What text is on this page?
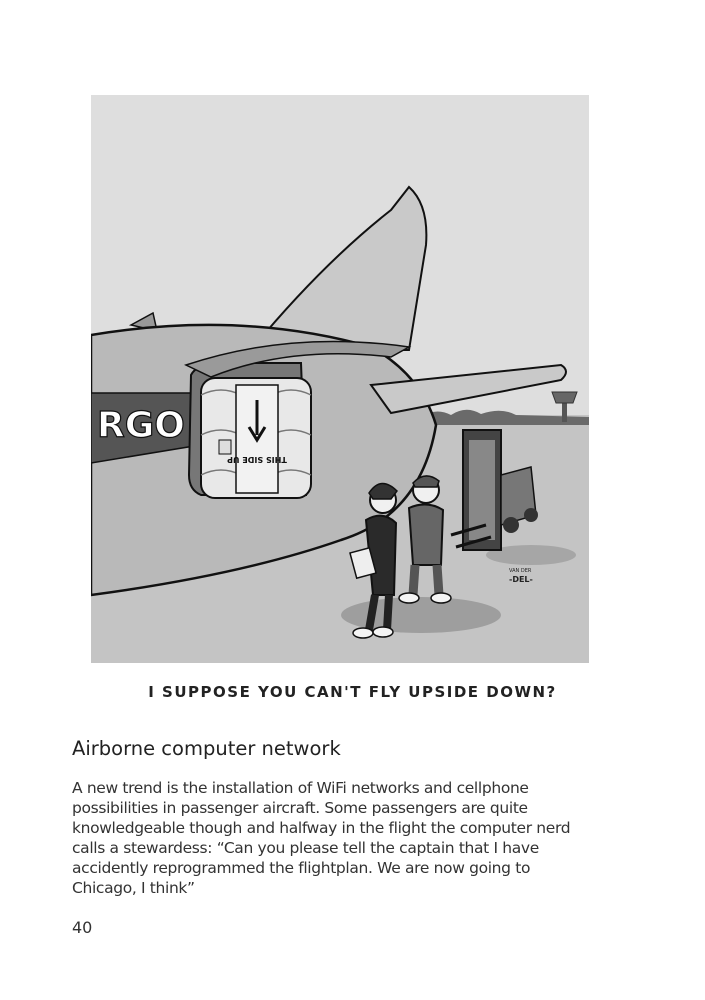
RGO
THIS SIDE UP
VAN DER
-DEL-
I SUPPOSE YOU CAN'T FLY UPSIDE DOWN?
Airborne computer network

A new trend is the installation of WiFi networks and cellphone possibilities in passenger aircraft. Some passengers are quite knowledgeable though and halfway in the flight the computer nerd calls a stewardess: “Can you please tell the captain that I have accidently reprogrammed the flightplan. We are now going to Chicago, I think”

40
